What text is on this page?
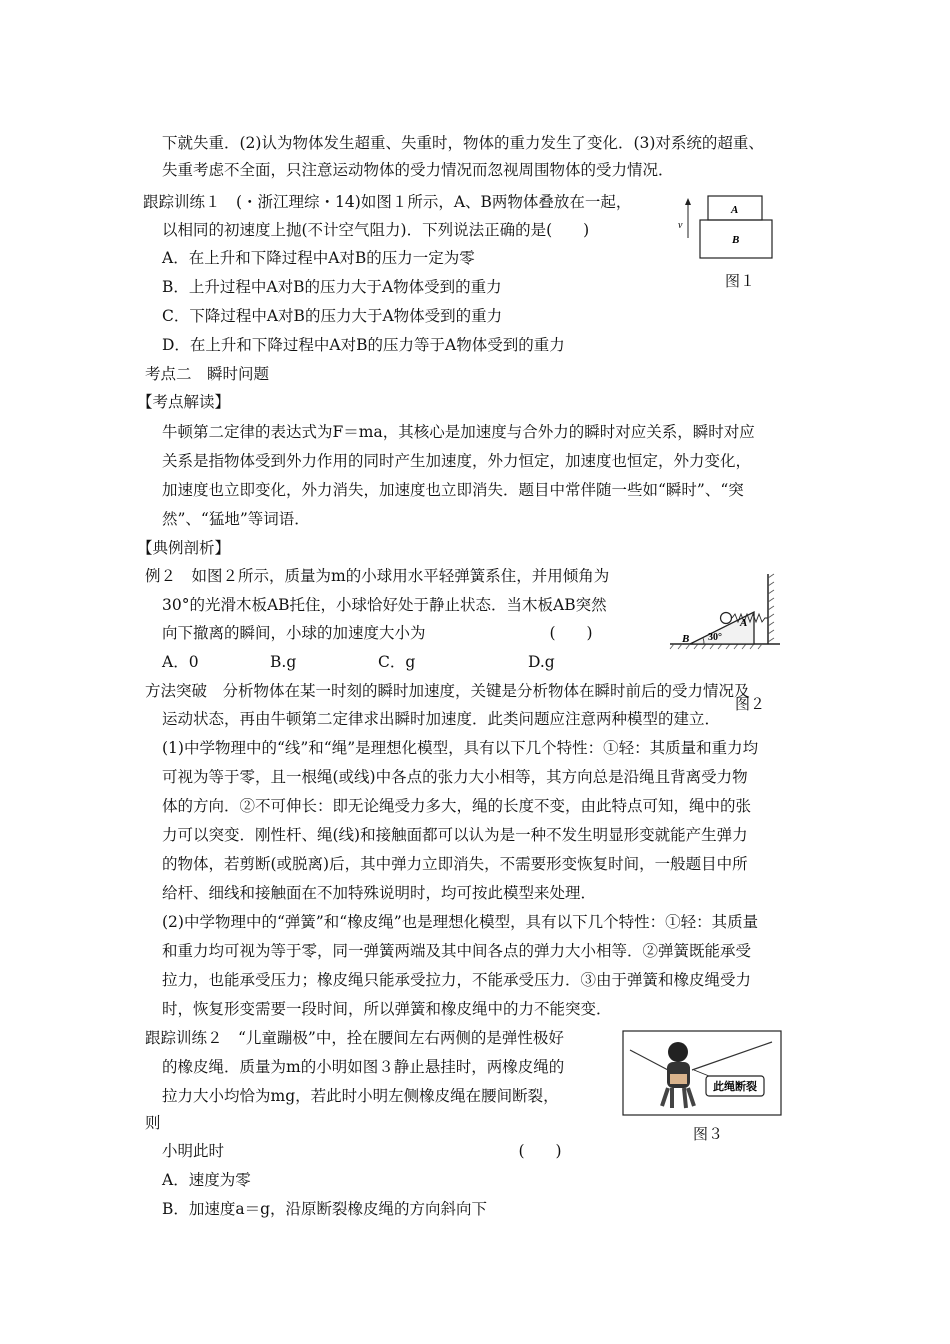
下就失重．(2)认为物体发生超重、失重时，物体的重力发生了变化．(3)对系统的超重、
失重考虑不全面，只注意运动物体的受力情况而忽视周围物体的受力情况．
跟踪训练１　(・浙江理综・14)如图１所示，A、B两物体叠放在一起，
以相同的初速度上抛(不计空气阻力)．下列说法正确的是(　　)
A．在上升和下降过程中A对B的压力一定为零
B．上升过程中A对B的压力大于A物体受到的重力
C．下降过程中A对B的压力大于A物体受到的重力
D．在上升和下降过程中A对B的压力等于A物体受到的重力
v
A
B
图１
考点二　瞬时问题
【考点解读】
牛顿第二定律的表达式为F＝ma，其核心是加速度与合外力的瞬时对应关系，瞬时对应
关系是指物体受到外力作用的同时产生加速度，外力恒定，加速度也恒定，外力变化，
加速度也立即变化，外力消失，加速度也立即消失．题目中常伴随一些如“瞬时”、“突
然”、“猛地”等词语．
【典例剖析】
例２　如图２所示，质量为m的小球用水平轻弹簧系住，并用倾角为
30°的光滑木板AB托住，小球恰好处于静止状态．当木板AB突然
向下撤离的瞬间，小球的加速度大小为　　　　　　　　(　　)
A．0	B.g	C．g	D.g
B
A
30°
图２
方法突破　分析物体在某一时刻的瞬时加速度，关键是分析物体在瞬时前后的受力情况及
运动状态，再由牛顿第二定律求出瞬时加速度．此类问题应注意两种模型的建立．
(1)中学物理中的“线”和“绳”是理想化模型，具有以下几个特性：①轻：其质量和重力均
可视为等于零，且一根绳(或线)中各点的张力大小相等，其方向总是沿绳且背离受力物
体的方向．②不可伸长：即无论绳受力多大，绳的长度不变，由此特点可知，绳中的张
力可以突变．刚性杆、绳(线)和接触面都可以认为是一种不发生明显形变就能产生弹力
的物体，若剪断(或脱离)后，其中弹力立即消失，不需要形变恢复时间，一般题目中所
给杆、细线和接触面在不加特殊说明时，均可按此模型来处理．
(2)中学物理中的“弹簧”和“橡皮绳”也是理想化模型，具有以下几个特性：①轻：其质量
和重力均可视为等于零，同一弹簧两端及其中间各点的弹力大小相等．②弹簧既能承受
拉力，也能承受压力；橡皮绳只能承受拉力，不能承受压力．③由于弹簧和橡皮绳受力
时，恢复形变需要一段时间，所以弹簧和橡皮绳中的力不能突变．
跟踪训练２　“儿童蹦极”中，拴在腰间左右两侧的是弹性极好
的橡皮绳．质量为m的小明如图３静止悬挂时，两橡皮绳的
拉力大小均恰为mg，若此时小明左侧橡皮绳在腰间断裂，
则
小明此时　　　　　　　　　　　　　　　　　　　(　　)
A．速度为零
B．加速度a＝g，沿原断裂橡皮绳的方向斜向下
此绳断裂
图３
